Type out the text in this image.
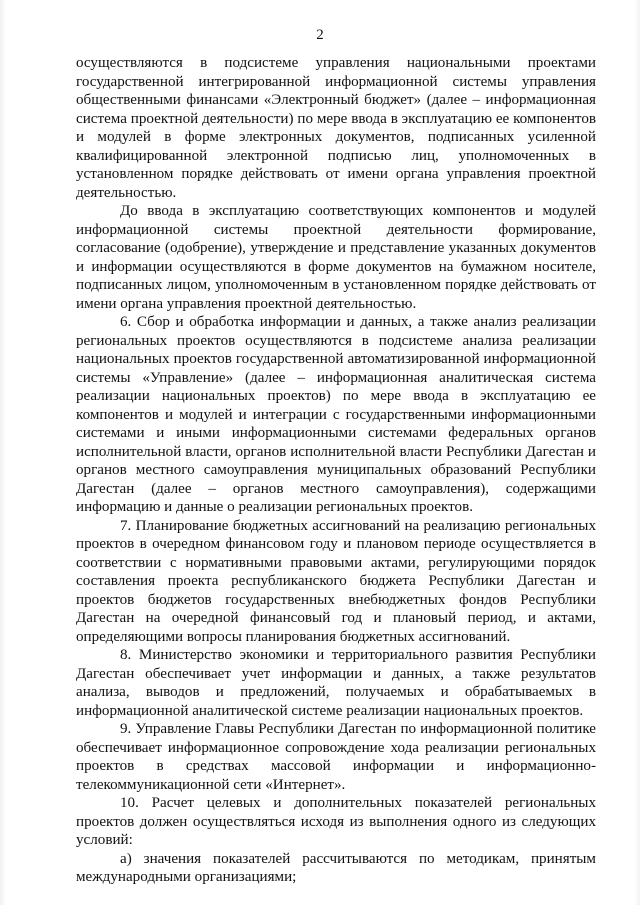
2

осуществляются в подсистеме управления национальными проектами государственной интегрированной информационной системы управления общественными финансами «Электронный бюджет» (далее – информационная система проектной деятельности) по мере ввода в эксплуатацию ее компонентов и модулей в форме электронных документов, подписанных усиленной квалифицированной электронной подписью лиц, уполномоченных в установленном порядке действовать от имени органа управления проектной деятельностью.

До ввода в эксплуатацию соответствующих компонентов и модулей информационной системы проектной деятельности формирование, согласование (одобрение), утверждение и представление указанных документов и информации осуществляются в форме документов на бумажном носителе, подписанных лицом, уполномоченным в установленном порядке действовать от имени органа управления проектной деятельностью.

6. Сбор и обработка информации и данных, а также анализ реализации региональных проектов осуществляются в подсистеме анализа реализации национальных проектов государственной автоматизированной информационной системы «Управление» (далее – информационная аналитическая система реализации национальных проектов) по мере ввода в эксплуатацию ее компонентов и модулей и интеграции с государственными информационными системами и иными информационными системами федеральных органов исполнительной власти, органов исполнительной власти Республики Дагестан и органов местного самоуправления муниципальных образований Республики Дагестан (далее – органов местного самоуправления), содержащими информацию и данные о реализации региональных проектов.

7. Планирование бюджетных ассигнований на реализацию региональных проектов в очередном финансовом году и плановом периоде осуществляется в соответствии с нормативными правовыми актами, регулирующими порядок составления проекта республиканского бюджета Республики Дагестан и проектов бюджетов государственных внебюджетных фондов Республики Дагестан на очередной финансовый год и плановый период, и актами, определяющими вопросы планирования бюджетных ассигнований.

8. Министерство экономики и территориального развития Республики Дагестан обеспечивает учет информации и данных, а также результатов анализа, выводов и предложений, получаемых и обрабатываемых в информационной аналитической системе реализации национальных проектов.

9. Управление Главы Республики Дагестан по информационной политике обеспечивает информационное сопровождение хода реализации региональных проектов в средствах массовой информации и информационно-телекоммуникационной сети «Интернет».

10. Расчет целевых и дополнительных показателей региональных проектов должен осуществляться исходя из выполнения одного из следующих условий:

а) значения показателей рассчитываются по методикам, принятым международными организациями;
